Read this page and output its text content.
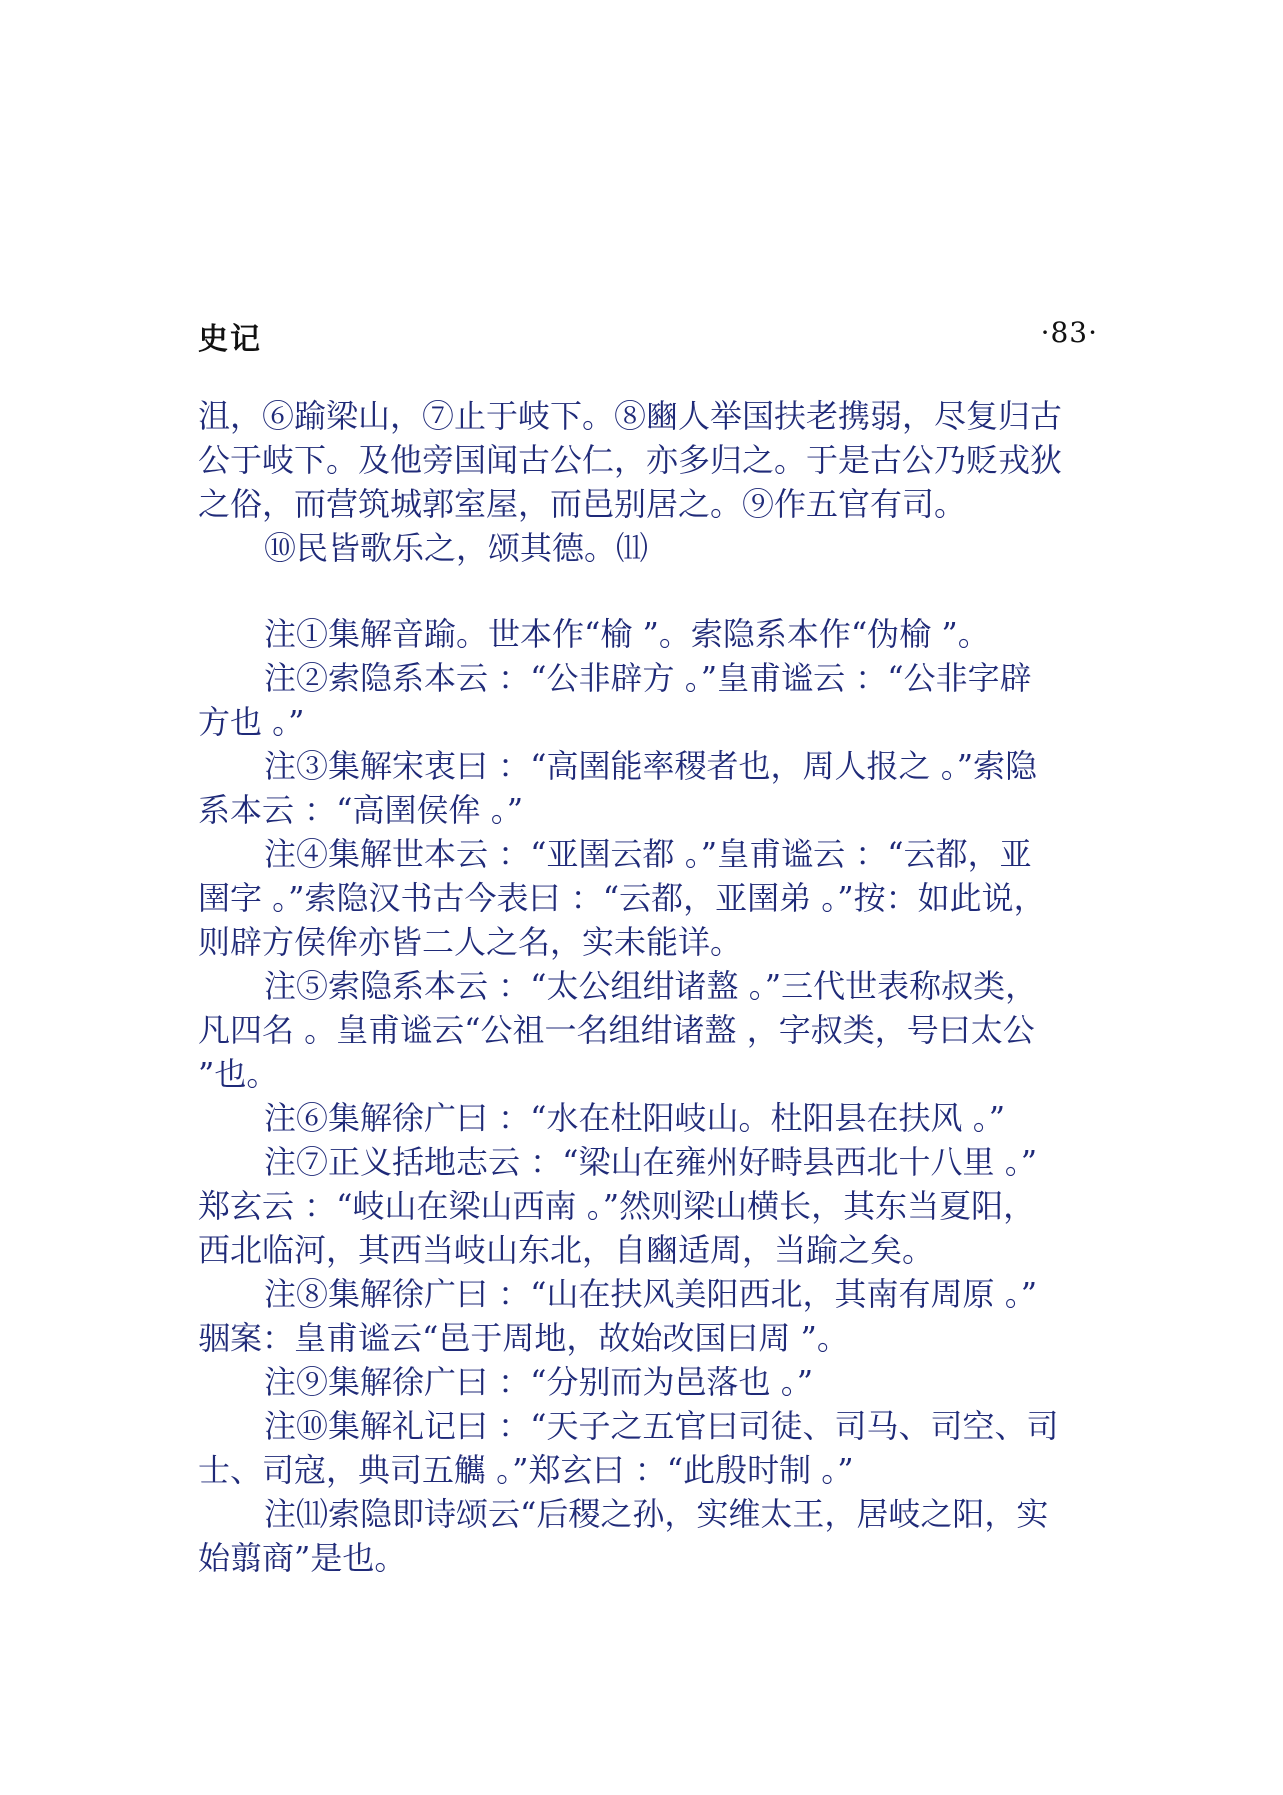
史记	·83·
沮，⑥踰梁山，⑦止于岐下。⑧豳人举国扶老携弱，尽复归古
公于岐下。及他旁国闻古公仁，亦多归之。于是古公乃贬戎狄
之俗，而营筑城郭室屋，而邑别居之。⑨作五官有司。
⑩民皆歌乐之，颂其德。⑾
注①集解音踰。世本作“榆 ”。索隐系本作“伪榆 ”。
注②索隐系本云 ：“公非辟方 。”皇甫谧云 ：“公非字辟
方也 。”
注③集解宋衷曰 ：“高圉能率稷者也，周人报之 。”索隐
系本云 ：“高圉侯侔 。”
注④集解世本云 ：“亚圉云都 。”皇甫谧云 ：“云都，亚
圉字 。”索隐汉书古今表曰 ：“云都，亚圉弟 。”按：如此说，
则辟方侯侔亦皆二人之名，实未能详。
注⑤索隐系本云 ：“太公组绀诸盩 。”三代世表称叔类，
凡四名 。皇甫谧云“公祖一名组绀诸盩 ，字叔类，号曰太公
”也。
注⑥集解徐广曰 ：“水在杜阳岐山。杜阳县在扶风 。”
注⑦正义括地志云 ：“梁山在雍州好畤县西北十八里 。”
郑玄云 ：“岐山在梁山西南 。”然则梁山横长，其东当夏阳，
西北临河，其西当岐山东北，自豳适周，当踰之矣。
注⑧集解徐广曰 ：“山在扶风美阳西北，其南有周原 。”
骃案：皇甫谧云“邑于周地，故始改国曰周 ”。
注⑨集解徐广曰 ：“分别而为邑落也 。”
注⑩集解礼记曰 ：“天子之五官曰司徒、司马、司空、司
士、司寇，典司五觽 。”郑玄曰 ：“此殷时制 。”
注⑾索隐即诗颂云“后稷之孙，实维太王，居岐之阳，实
始翦商”是也。
